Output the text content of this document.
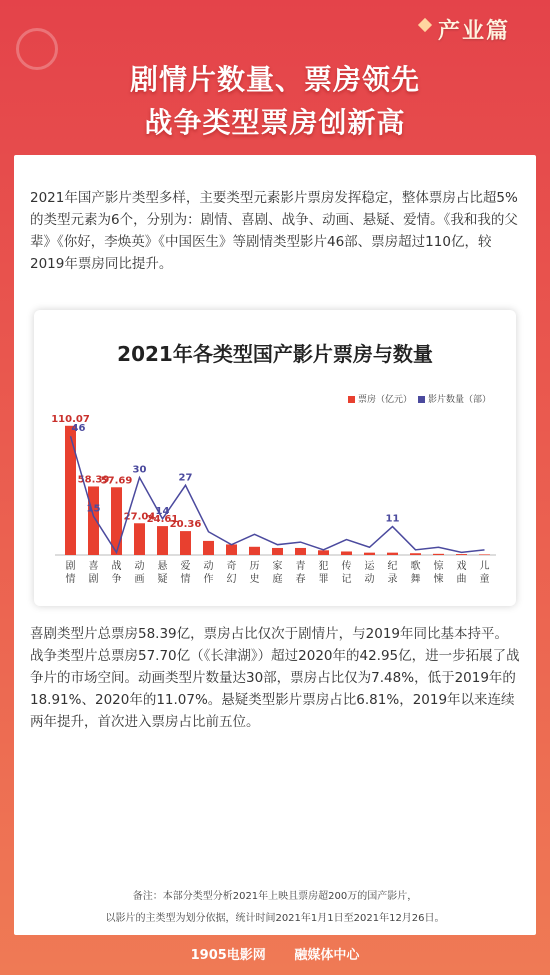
产业篇
剧情片数量、票房领先
战争类型票房创新高
2021年国产影片类型多样，主要类型元素影片票房发挥稳定，整体票房占比超5%的类型元素为6个，分别为：剧情、喜剧、战争、动画、悬疑、爱情。《我和我的父辈》《你好，李焕英》《中国医生》等剧情类型影片46部、票房超过110亿，较2019年票房同比提升。
2021年各类型国产影片票房与数量
票房（亿元）	影片数量（部）
110.07
剧
情
58.39
喜
剧
57.69
战
争
27.04
动
画
24.61
悬
疑
20.36
爱
情
动
作
奇
幻
历
史
家
庭
青
春
犯
罪
传
记
运
动
纪
录
歌
舞
惊
悚
戏
曲
儿
童
46
15
30
14
27
11
喜剧类型片总票房58.39亿，票房占比仅次于剧情片，与2019年同比基本持平。战争类型片总票房57.70亿（《长津湖》）超过2020年的42.95亿，进一步拓展了战争片的市场空间。动画类型片数量达30部，票房占比仅为7.48%，低于2019年的18.91%、2020年的11.07%。悬疑类型影片票房占比6.81%，2019年以来连续两年提升，首次进入票房占比前五位。
备注：本部分类型分析2021年上映且票房超200万的国产影片，
以影片的主类型为划分依据，统计时间2021年1月1日至2021年12月26日。
1905电影网 融媒体中心
